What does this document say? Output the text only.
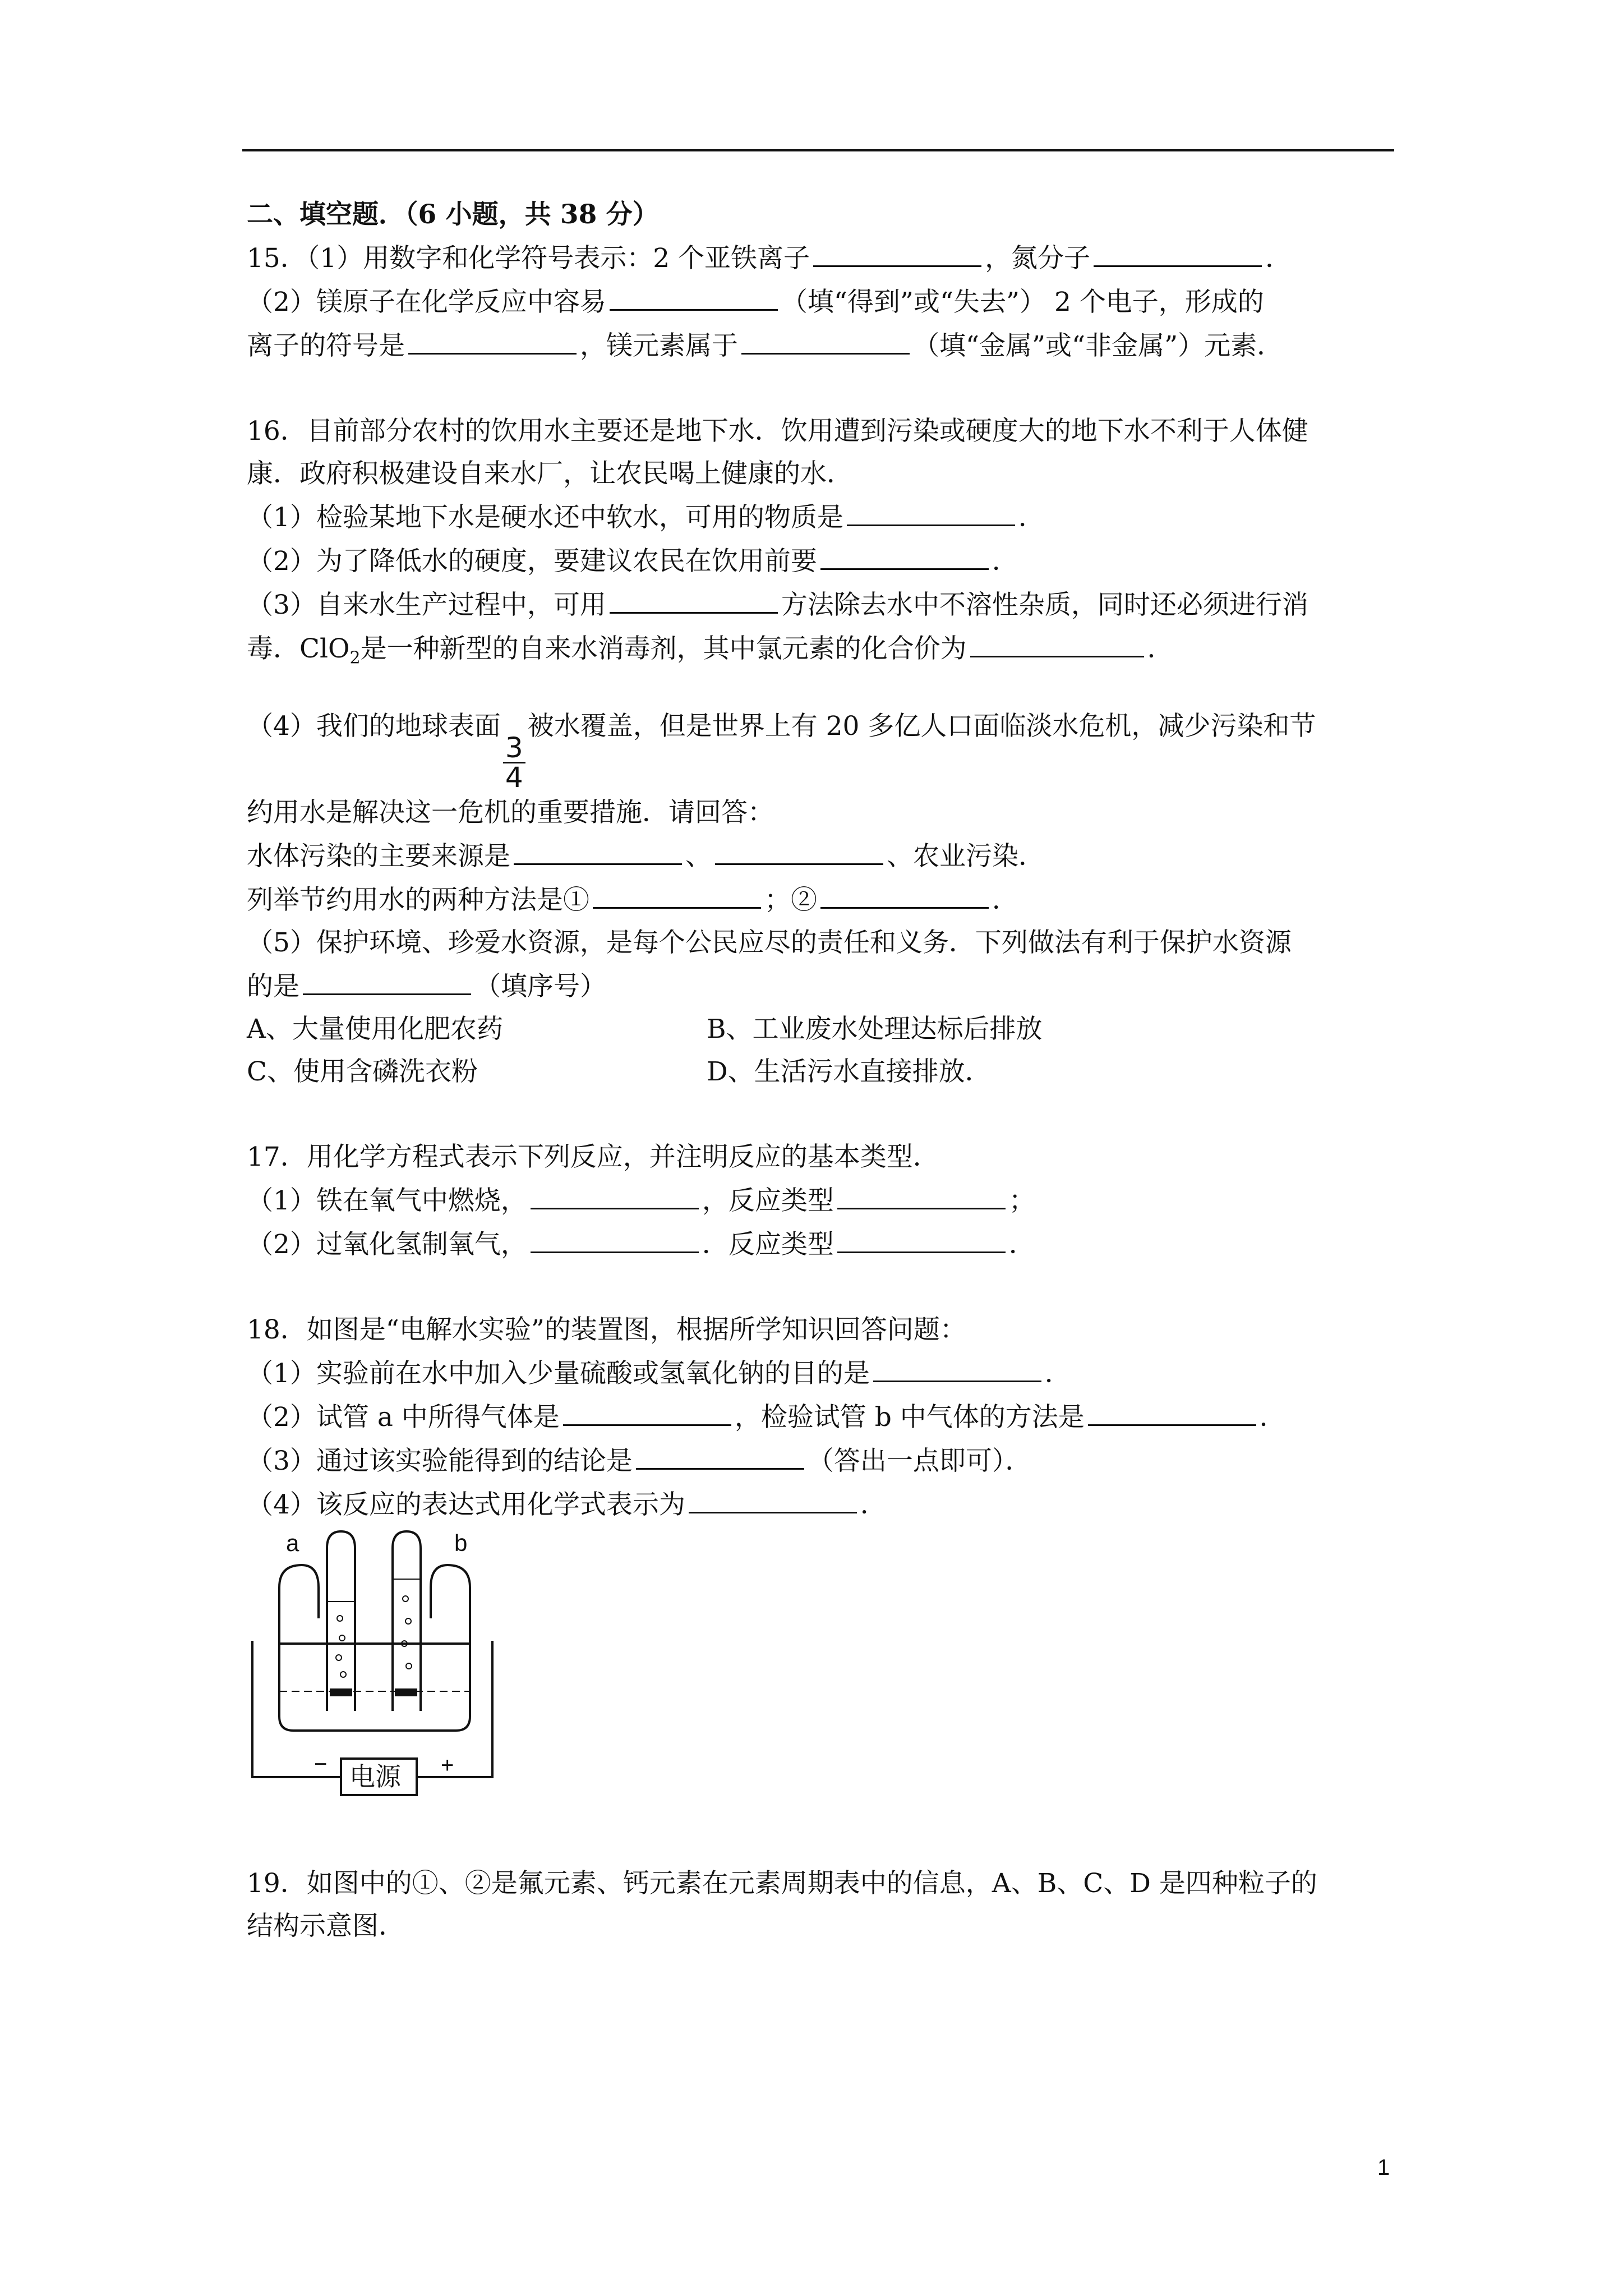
二、填空题．（6 小题，共 38 分）
15．（1）用数字和化学符号表示：2 个亚铁离子	，氮分子	．
（2）镁原子在化学反应中容易	（填“得到”或“失去”） 2 个电子，形成的
离子的符号是	，镁元素属于	（填“金属”或“非金属”）元素．
16．目前部分农村的饮用水主要还是地下水．饮用遭到污染或硬度大的地下水不利于人体健
康．政府积极建设自来水厂，让农民喝上健康的水．
（1）检验某地下水是硬水还中软水，可用的物质是	．
（2）为了降低水的硬度，要建议农民在饮用前要	．
（3）自来水生产过程中，可用	方法除去水中不溶性杂质，同时还必须进行消
毒．ClO$_2$是一种新型的自来水消毒剂，其中氯元素的化合价为	．
（4）我们的地球表面
$\frac{3}{4}$
被水覆盖，但是世界上有 20 多亿人口面临淡水危机，减少污染和节
约用水是解决这一危机的重要措施．请回答：
水体污染的主要来源是	、	、农业污染．
列举节约用水的两种方法是①	；②	．
（5）保护环境、珍爱水资源，是每个公民应尽的责任和义务．下列做法有利于保护水资源
的是	（填序号）
A、大量使用化肥农药	B、工业废水处理达标后排放
C、使用含磷洗衣粉	D、生活污水直接排放．
17．用化学方程式表示下列反应，并注明反应的基本类型．
（1）铁在氧气中燃烧，	，反应类型	；
（2）过氧化氢制氧气，	．反应类型	．
18．如图是“电解水实验”的装置图，根据所学知识回答问题：
（1）实验前在水中加入少量硫酸或氢氧化钠的目的是	．
（2）试管 a 中所得气体是	，检验试管 b 中气体的方法是	．
（3）通过该实验能得到的结论是	（答出一点即可）．
（4）该反应的表达式用化学式表示为	．
a	b
−	+
电源
19．如图中的①、②是氟元素、钙元素在元素周期表中的信息，A、B、C、D 是四种粒子的
结构示意图．
1
